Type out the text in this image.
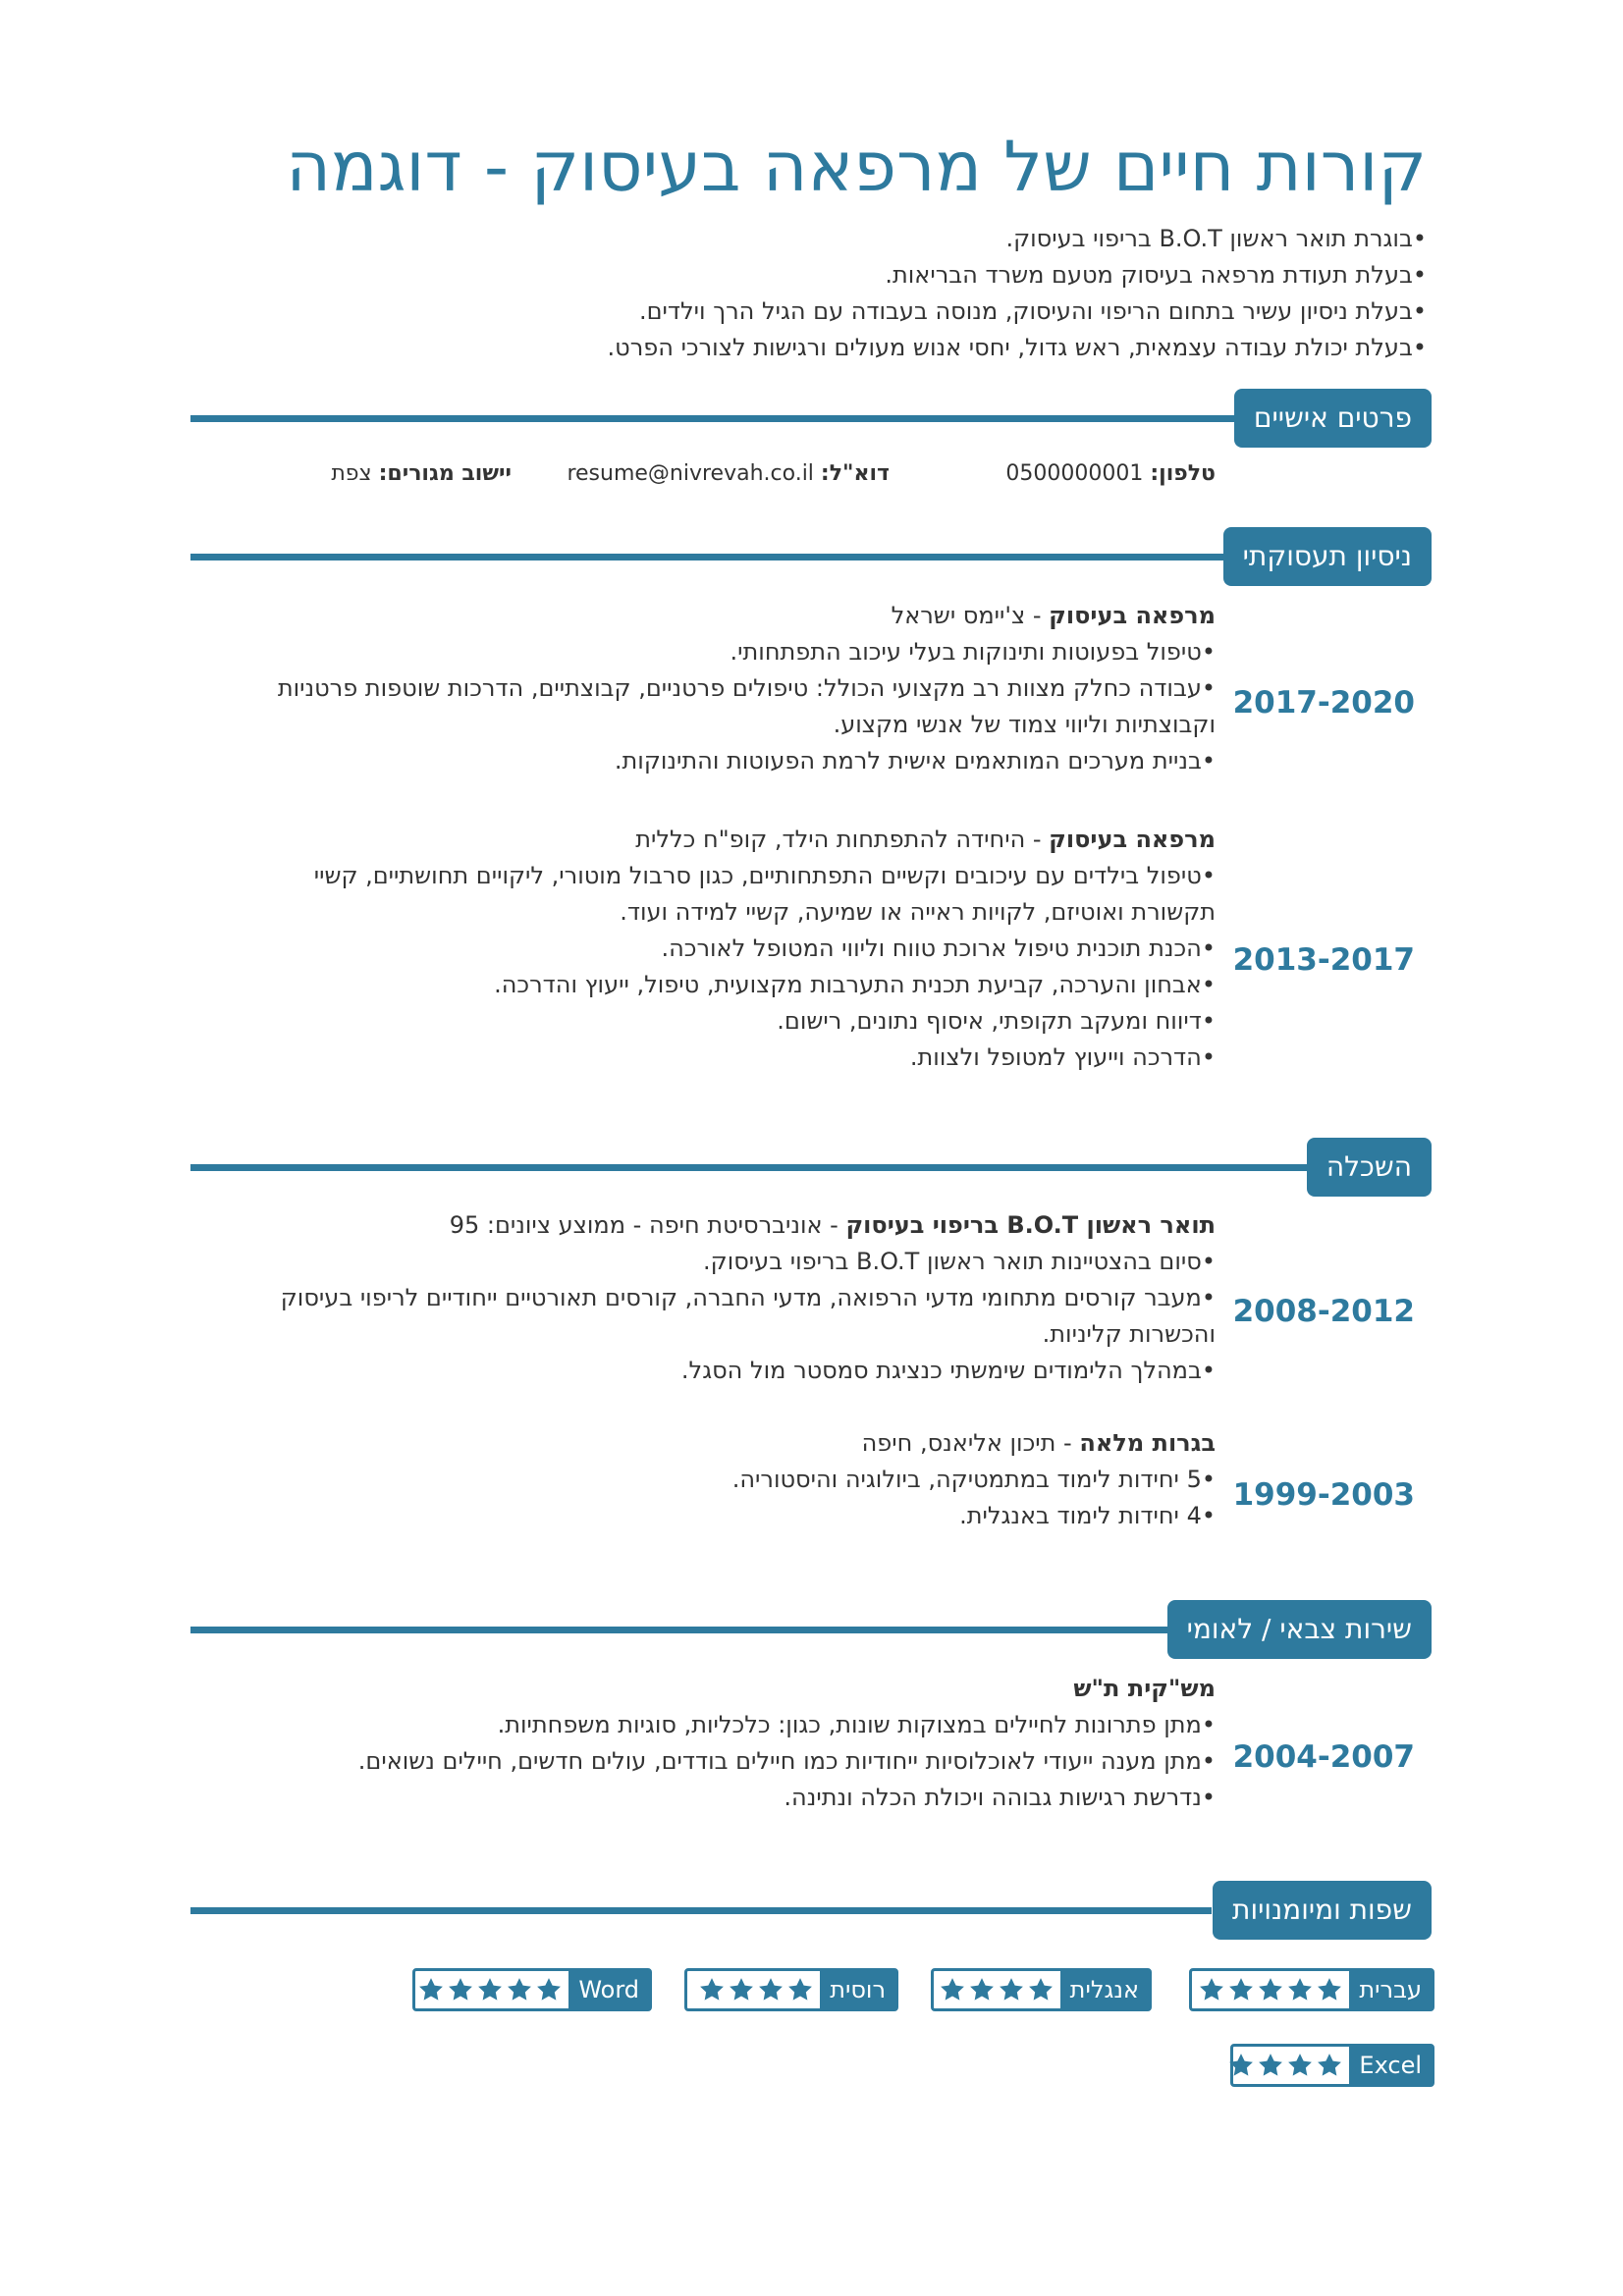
קורות חיים של מרפאה בעיסוק - דוגמה
•בוגרת תואר ראשון B.O.T בריפוי בעיסוק.
•בעלת תעודת מרפאה בעיסוק מטעם משרד הבריאות.
•בעלת ניסיון עשיר בתחום הריפוי והעיסוק, מנוסה בעבודה עם הגיל הרך וילדים.
•בעלת יכולת עבודה עצמאית, ראש גדול, יחסי אנוש מעולים ורגישות לצורכי הפרט.
פרטים אישיים
טלפון: 0500000001
דוא"ל: resume@nivrevah.co.il
יישוב מגורים: צפת
ניסיון תעסוקתי
מרפאה בעיסוק - צ'יימס ישראל
•טיפול בפעוטות ותינוקות בעלי עיכוב התפתחותי.
•עבודה כחלק מצוות רב מקצועי הכולל: טיפולים פרטניים, קבוצתיים, הדרכות שוטפות פרטניות
וקבוצתיות וליווי צמוד של אנשי מקצוע.
•בניית מערכים המותאמים אישית לרמת הפעוטות והתינוקות.
2017-2020
מרפאה בעיסוק - היחידה להתפתחות הילד, קופ"ח כללית
•טיפול בילדים עם עיכובים וקשיים התפתחותיים, כגון סרבול מוטורי, ליקויים תחושתיים, קשיי
תקשורת ואוטיזם, לקויות ראייה או שמיעה, קשיי למידה ועוד.
•הכנת תוכנית טיפול ארוכת טווח וליווי המטופל לאורכה.
•אבחון והערכה, קביעת תכנית התערבות מקצועית, טיפול, ייעוץ והדרכה.
•דיווח ומעקב תקופתי, איסוף נתונים, רישום.
•הדרכה וייעוץ למטופל ולצוות.
2013-2017
השכלה
תואר ראשון B.O.T בריפוי בעיסוק - אוניברסיטת חיפה - ממוצע ציונים: 95
•סיום בהצטיינות תואר ראשון B.O.T בריפוי בעיסוק.
•מעבר קורסים מתחומי מדעי הרפואה, מדעי החברה, קורסים תאורטיים ייחודיים לריפוי בעיסוק
והכשרות קליניות.
•במהלך הלימודים שימשתי כנציגת סמסטר מול הסגל.
2008-2012
בגרות מלאה - תיכון אליאנס, חיפה
•5 יחידות לימוד במתמטיקה, ביולוגיה והיסטוריה.
•4 יחידות לימוד באנגלית.
1999-2003
שירות צבאי / לאומי
מש"קית ת"ש
•מתן פתרונות לחיילים במצוקות שונות, כגון: כלכליות, סוגיות משפחתיות.
•מתן מענה ייעודי לאוכלוסיות ייחודיות כמו חיילים בודדים, עולים חדשים, חיילים נשואים.
•נדרשת רגישות גבוהה ויכולת הכלה ונתינה.
2004-2007
שפות ומיומנויות
עברית
אנגלית
רוסית
Word
Excel
